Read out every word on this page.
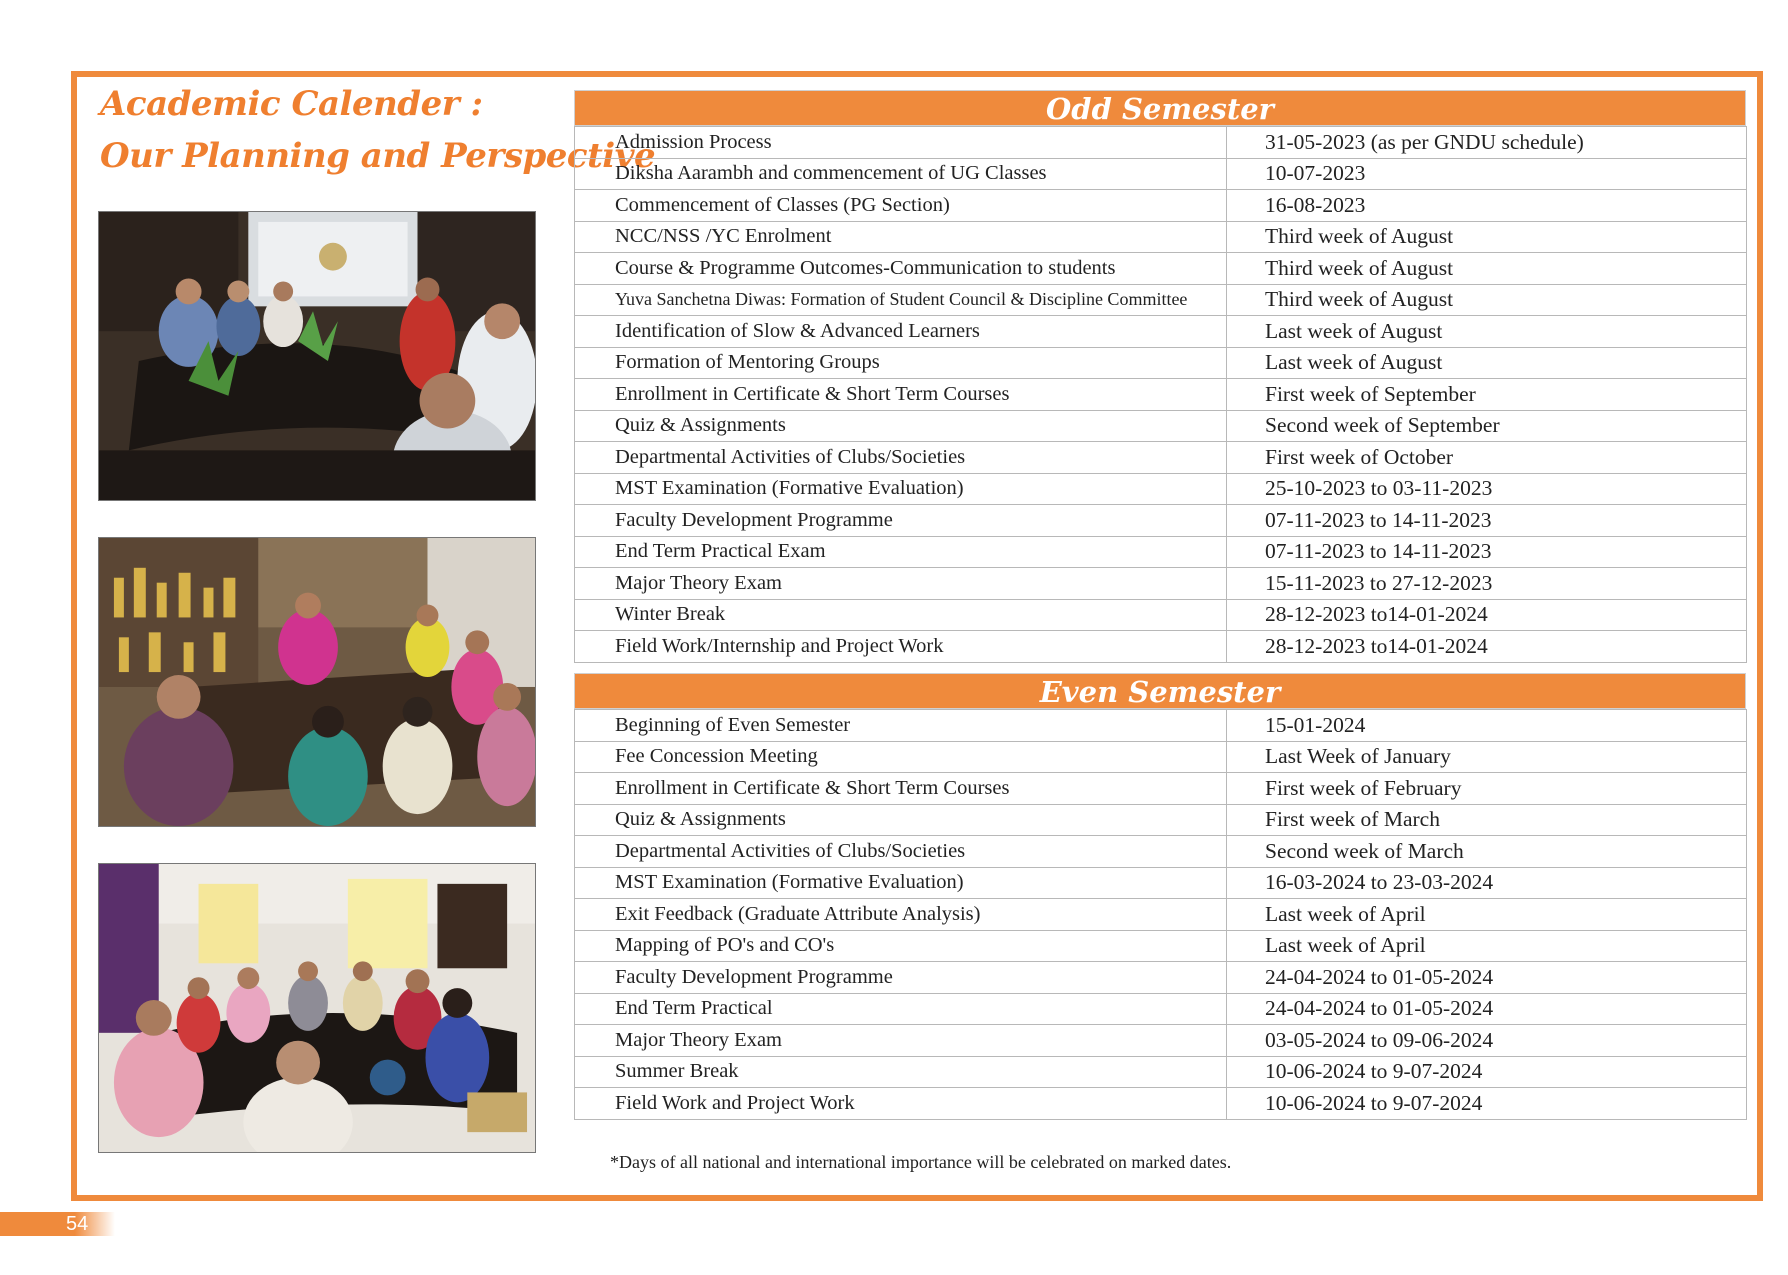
Academic Calender :
Our Planning and Perspective
Odd Semester
Admission Process	31-05-2023 (as per GNDU schedule)
Diksha Aarambh and commencement of UG Classes	10-07-2023
Commencement of Classes (PG Section)	16-08-2023
NCC/NSS /YC Enrolment	Third week of August
Course & Programme Outcomes-Communication to students	Third week of August
Yuva Sanchetna Diwas: Formation of Student Council & Discipline Committee	Third week of August
Identification of Slow & Advanced Learners	Last week of August
Formation of Mentoring Groups	Last week of August
Enrollment in Certificate & Short Term Courses	First week of September
Quiz & Assignments	Second week of September
Departmental Activities of Clubs/Societies	First week of October
MST Examination (Formative Evaluation)	25-10-2023 to 03-11-2023
Faculty Development Programme	07-11-2023 to 14-11-2023
End Term Practical Exam	07-11-2023 to 14-11-2023
Major Theory Exam	15-11-2023 to 27-12-2023
Winter Break	28-12-2023 to14-01-2024
Field Work/Internship and Project Work	28-12-2023 to14-01-2024
Even Semester
Beginning of Even Semester	15-01-2024
Fee Concession Meeting	Last Week of January
Enrollment in Certificate & Short Term Courses	First week of February
Quiz & Assignments	First week of March
Departmental Activities of Clubs/Societies	Second week of March
MST Examination (Formative Evaluation)	16-03-2024 to 23-03-2024
Exit Feedback (Graduate Attribute Analysis)	Last week of April
Mapping of PO's and CO's	Last week of April
Faculty Development Programme	24-04-2024 to 01-05-2024
End Term Practical	24-04-2024 to 01-05-2024
Major Theory Exam	03-05-2024 to 09-06-2024
Summer Break	10-06-2024 to 9-07-2024
Field Work and Project Work	10-06-2024 to 9-07-2024
*Days of all national and international importance will be celebrated on marked dates.
54
